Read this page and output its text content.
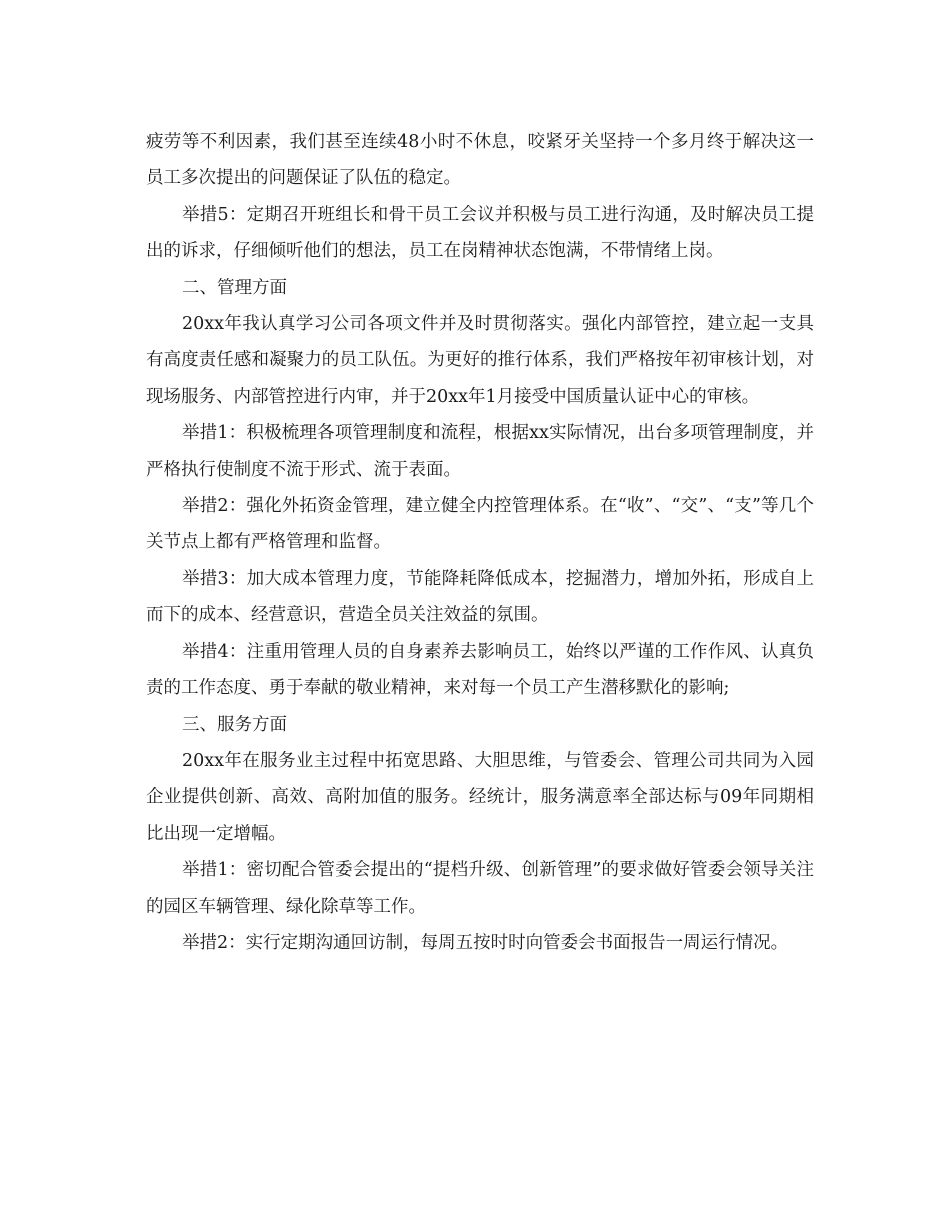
疲劳等不利因素，我们甚至连续48小时不休息，咬紧牙关坚持一个多月终于解决这一员工多次提出的问题保证了队伍的稳定。

举措5：定期召开班组长和骨干员工会议并积极与员工进行沟通，及时解决员工提出的诉求，仔细倾听他们的想法，员工在岗精神状态饱满，不带情绪上岗。

二、管理方面

20xx年我认真学习公司各项文件并及时贯彻落实。强化内部管控，建立起一支具有高度责任感和凝聚力的员工队伍。为更好的推行体系，我们严格按年初审核计划，对现场服务、内部管控进行内审，并于20xx年1月接受中国质量认证中心的审核。

举措1：积极梳理各项管理制度和流程，根据xx实际情况，出台多项管理制度，并严格执行使制度不流于形式、流于表面。

举措2：强化外拓资金管理，建立健全内控管理体系。在“收”、“交”、“支”等几个关节点上都有严格管理和监督。

举措3：加大成本管理力度，节能降耗降低成本，挖掘潜力，增加外拓，形成自上而下的成本、经营意识，营造全员关注效益的氛围。

举措4：注重用管理人员的自身素养去影响员工，始终以严谨的工作作风、认真负责的工作态度、勇于奉献的敬业精神，来对每一个员工产生潜移默化的影响;

三、服务方面

20xx年在服务业主过程中拓宽思路、大胆思维，与管委会、管理公司共同为入园企业提供创新、高效、高附加值的服务。经统计，服务满意率全部达标与09年同期相比出现一定增幅。

举措1：密切配合管委会提出的“提档升级、创新管理”的要求做好管委会领导关注的园区车辆管理、绿化除草等工作。

举措2：实行定期沟通回访制，每周五按时时向管委会书面报告一周运行情况。
